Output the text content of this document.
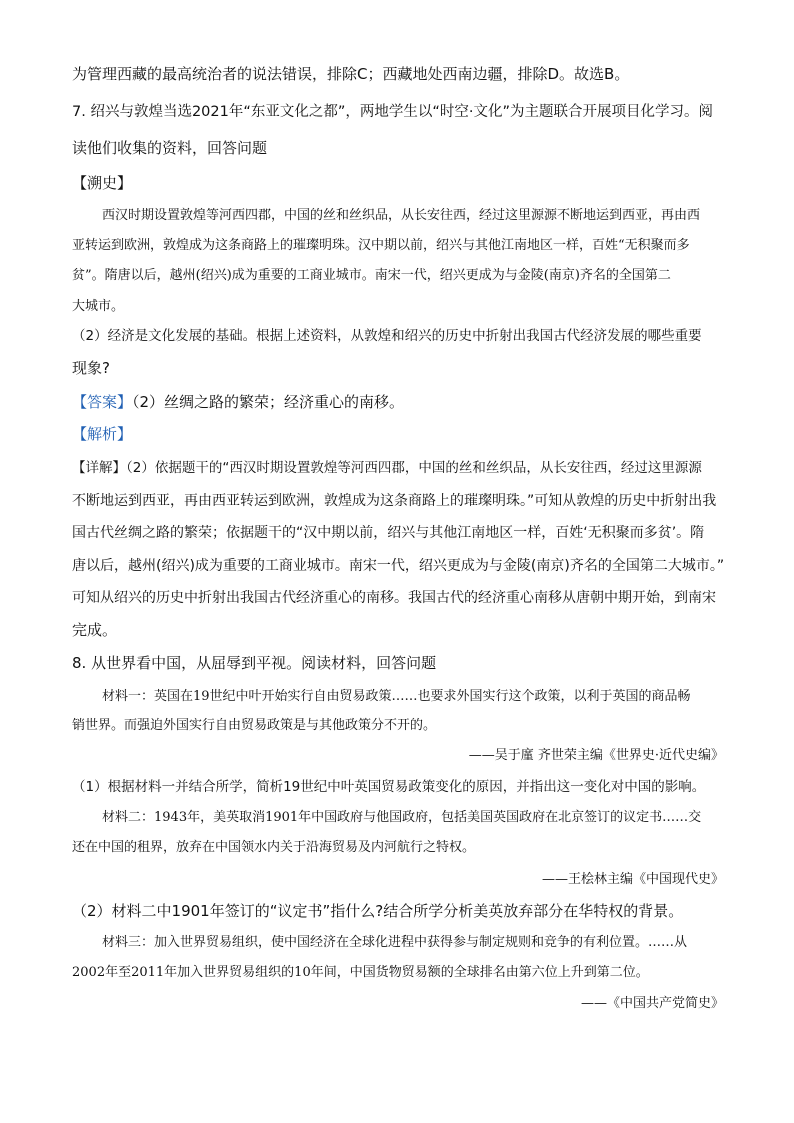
为管理西藏的最高统治者的说法错误，排除C；西藏地处西南边疆，排除D。故选B。
7. 绍兴与敦煌当选2021年“东亚文化之都”，两地学生以“时空·文化”为主题联合开展项目化学习。阅
读他们收集的资料，回答问题
【溯史】
西汉时期设置敦煌等河西四郡，中国的丝和丝织品，从长安往西，经过这里源源不断地运到西亚，再由西
亚转运到欧洲，敦煌成为这条商路上的璀璨明珠。汉中期以前，绍兴与其他江南地区一样，百姓“无积聚而多
贫”。隋唐以后，越州(绍兴)成为重要的工商业城市。南宋一代，绍兴更成为与金陵(南京)齐名的全国第二
大城市。
（2）经济是文化发展的基础。根据上述资料，从敦煌和绍兴的历史中折射出我国古代经济发展的哪些重要
现象?
【答案】（2）丝绸之路的繁荣；经济重心的南移。
【解析】
【详解】（2）依据题干的“西汉时期设置敦煌等河西四郡，中国的丝和丝织品，从长安往西，经过这里源源
不断地运到西亚，再由西亚转运到欧洲，敦煌成为这条商路上的璀璨明珠。”可知从敦煌的历史中折射出我
国古代丝绸之路的繁荣；依据题干的“汉中期以前，绍兴与其他江南地区一样，百姓‘无积聚而多贫’。隋
唐以后，越州(绍兴)成为重要的工商业城市。南宋一代，绍兴更成为与金陵(南京)齐名的全国第二大城市。”
可知从绍兴的历史中折射出我国古代经济重心的南移。我国古代的经济重心南移从唐朝中期开始，到南宋
完成。
8. 从世界看中国，从屈辱到平视。阅读材料，回答问题
材料一：英国在19世纪中叶开始实行自由贸易政策……也要求外国实行这个政策，以利于英国的商品畅
销世界。而强迫外国实行自由贸易政策是与其他政策分不开的。
——吴于廑 齐世荣主编《世界史·近代史编》
（1）根据材料一并结合所学，简析19世纪中叶英国贸易政策变化的原因，并指出这一变化对中国的影响。
材料二：1943年，美英取消1901年中国政府与他国政府，包括美国英国政府在北京签订的议定书……交
还在中国的租界，放弃在中国领水内关于沿海贸易及内河航行之特权。
——王桧林主编《中国现代史》
（2）材料二中1901年签订的“议定书”指什么?结合所学分析美英放弃部分在华特权的背景。
材料三：加入世界贸易组织，使中国经济在全球化进程中获得参与制定规则和竞争的有利位置。……从
2002年至2011年加入世界贸易组织的10年间，中国货物贸易额的全球排名由第六位上升到第二位。
——《中国共产党简史》
